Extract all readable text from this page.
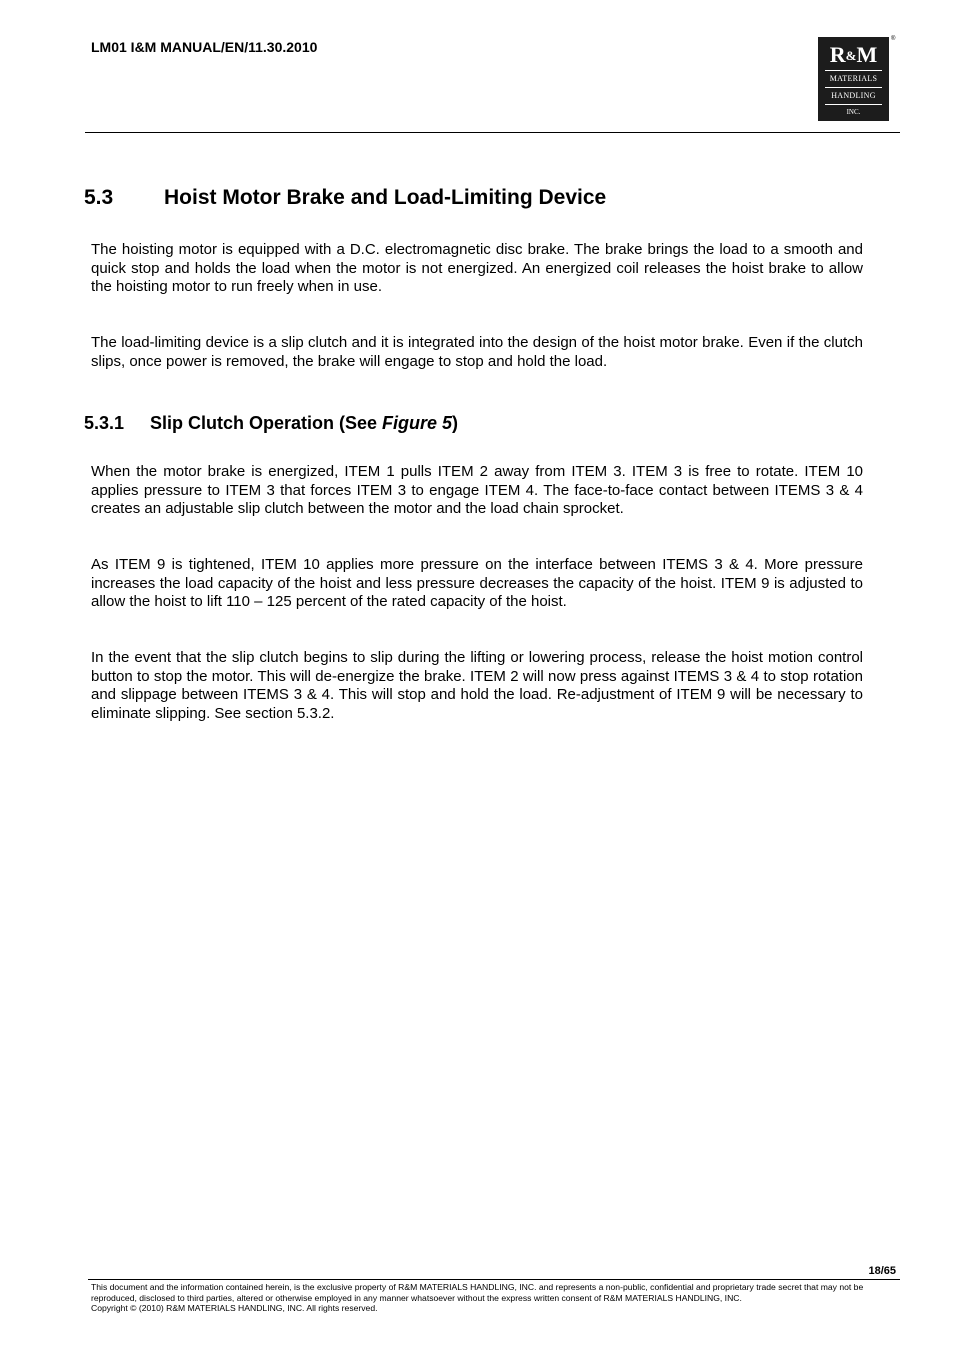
LM01 I&M MANUAL/EN/11.30.2010	R&M
MATERIALS
HANDLING
INC.
®
5.3 Hoist Motor Brake and Load-Limiting Device

The hoisting motor is equipped with a D.C. electromagnetic disc brake. The brake brings the load to a smooth and quick stop and holds the load when the motor is not energized. An energized coil releases the hoist brake to allow the hoisting motor to run freely when in use.

The load-limiting device is a slip clutch and it is integrated into the design of the hoist motor brake. Even if the clutch slips, once power is removed, the brake will engage to stop and hold the load.

5.3.1 Slip Clutch Operation (See Figure 5)

When the motor brake is energized, ITEM 1 pulls ITEM 2 away from ITEM 3. ITEM 3 is free to rotate. ITEM 10 applies pressure to ITEM 3 that forces ITEM 3 to engage ITEM 4. The face-to-face contact between ITEMS 3 & 4 creates an adjustable slip clutch between the motor and the load chain sprocket.

As ITEM 9 is tightened, ITEM 10 applies more pressure on the interface between ITEMS 3 & 4. More pressure increases the load capacity of the hoist and less pressure decreases the capacity of the hoist. ITEM 9 is adjusted to allow the hoist to lift 110 – 125 percent of the rated capacity of the hoist.

In the event that the slip clutch begins to slip during the lifting or lowering process, release the hoist motion control button to stop the motor. This will de-energize the brake. ITEM 2 will now press against ITEMS 3 & 4 to stop rotation and slippage between ITEMS 3 & 4. This will stop and hold the load. Re-adjustment of ITEM 9 will be necessary to eliminate slipping. See section 5.3.2.

18/65

This document and the information contained herein, is the exclusive property of R&M MATERIALS HANDLING, INC. and represents a non-public, confidential and proprietary trade secret that may not be reproduced, disclosed to third parties, altered or otherwise employed in any manner whatsoever without the express written consent of R&M MATERIALS HANDLING, INC.
Copyright © (2010) R&M MATERIALS HANDLING, INC. All rights reserved.
